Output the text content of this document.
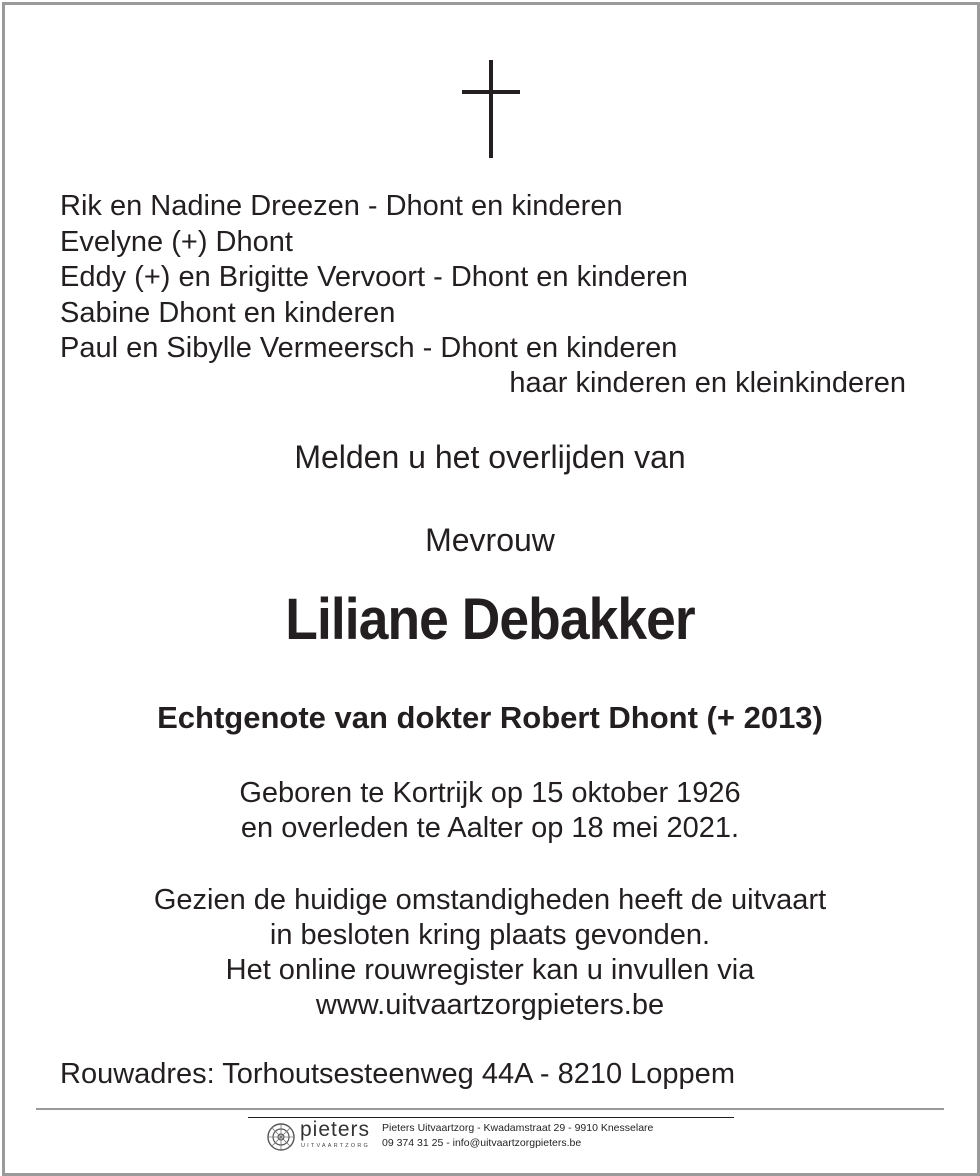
Rik en Nadine Dreezen - Dhont en kinderen
Evelyne (+) Dhont
Eddy (+) en Brigitte Vervoort - Dhont en kinderen
Sabine Dhont en kinderen
Paul en Sibylle Vermeersch - Dhont en kinderen
haar kinderen en kleinkinderen
Melden u het overlijden van
Mevrouw
Liliane Debakker
Echtgenote van dokter Robert Dhont (+ 2013)
Geboren te Kortrijk op 15 oktober 1926
en overleden te Aalter op 18 mei 2021.
Gezien de huidige omstandigheden heeft de uitvaart
in besloten kring plaats gevonden.
Het online rouwregister kan u invullen via
www.uitvaartzorgpieters.be
Rouwadres: Torhoutsesteenweg 44A - 8210 Loppem
pieters
UITVAARTZORG
Pieters Uitvaartzorg - Kwadamstraat 29 - 9910 Knesselare
09 374 31 25 - info@uitvaartzorgpieters.be
